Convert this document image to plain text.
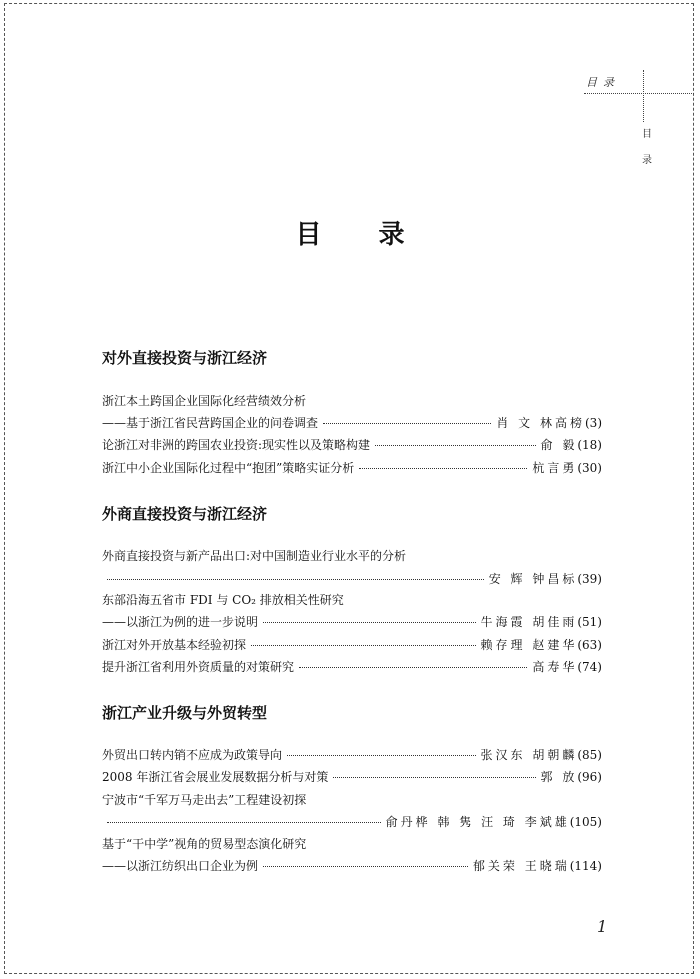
目录
目
录
目 录
对外直接投资与浙江经济
浙江本土跨国企业国际化经营绩效分析
——基于浙江省民营跨国企业的问卷调查	肖 文 林高榜 (3)
论浙江对非洲的跨国农业投资:现实性以及策略构建	俞 毅 (18)
浙江中小企业国际化过程中“抱团”策略实证分析	杭言勇 (30)
外商直接投资与浙江经济
外商直接投资与新产品出口:对中国制造业行业水平的分析
安 辉 钟昌标 (39)
东部沿海五省市 FDI 与 CO₂ 排放相关性研究
——以浙江为例的进一步说明	牛海霞 胡佳雨 (51)
浙江对外开放基本经验初探	赖存理 赵建华 (63)
提升浙江省利用外资质量的对策研究	高寿华 (74)
浙江产业升级与外贸转型
外贸出口转内销不应成为政策导向	张汉东 胡朝麟 (85)
2008 年浙江省会展业发展数据分析与对策	郭 放 (96)
宁波市“千军万马走出去”工程建设初探
俞丹桦 韩 隽 汪 琦 李斌雄 (105)
基于“干中学”视角的贸易型态演化研究
——以浙江纺织出口企业为例	郁关荣 王晓瑞 (114)
1
